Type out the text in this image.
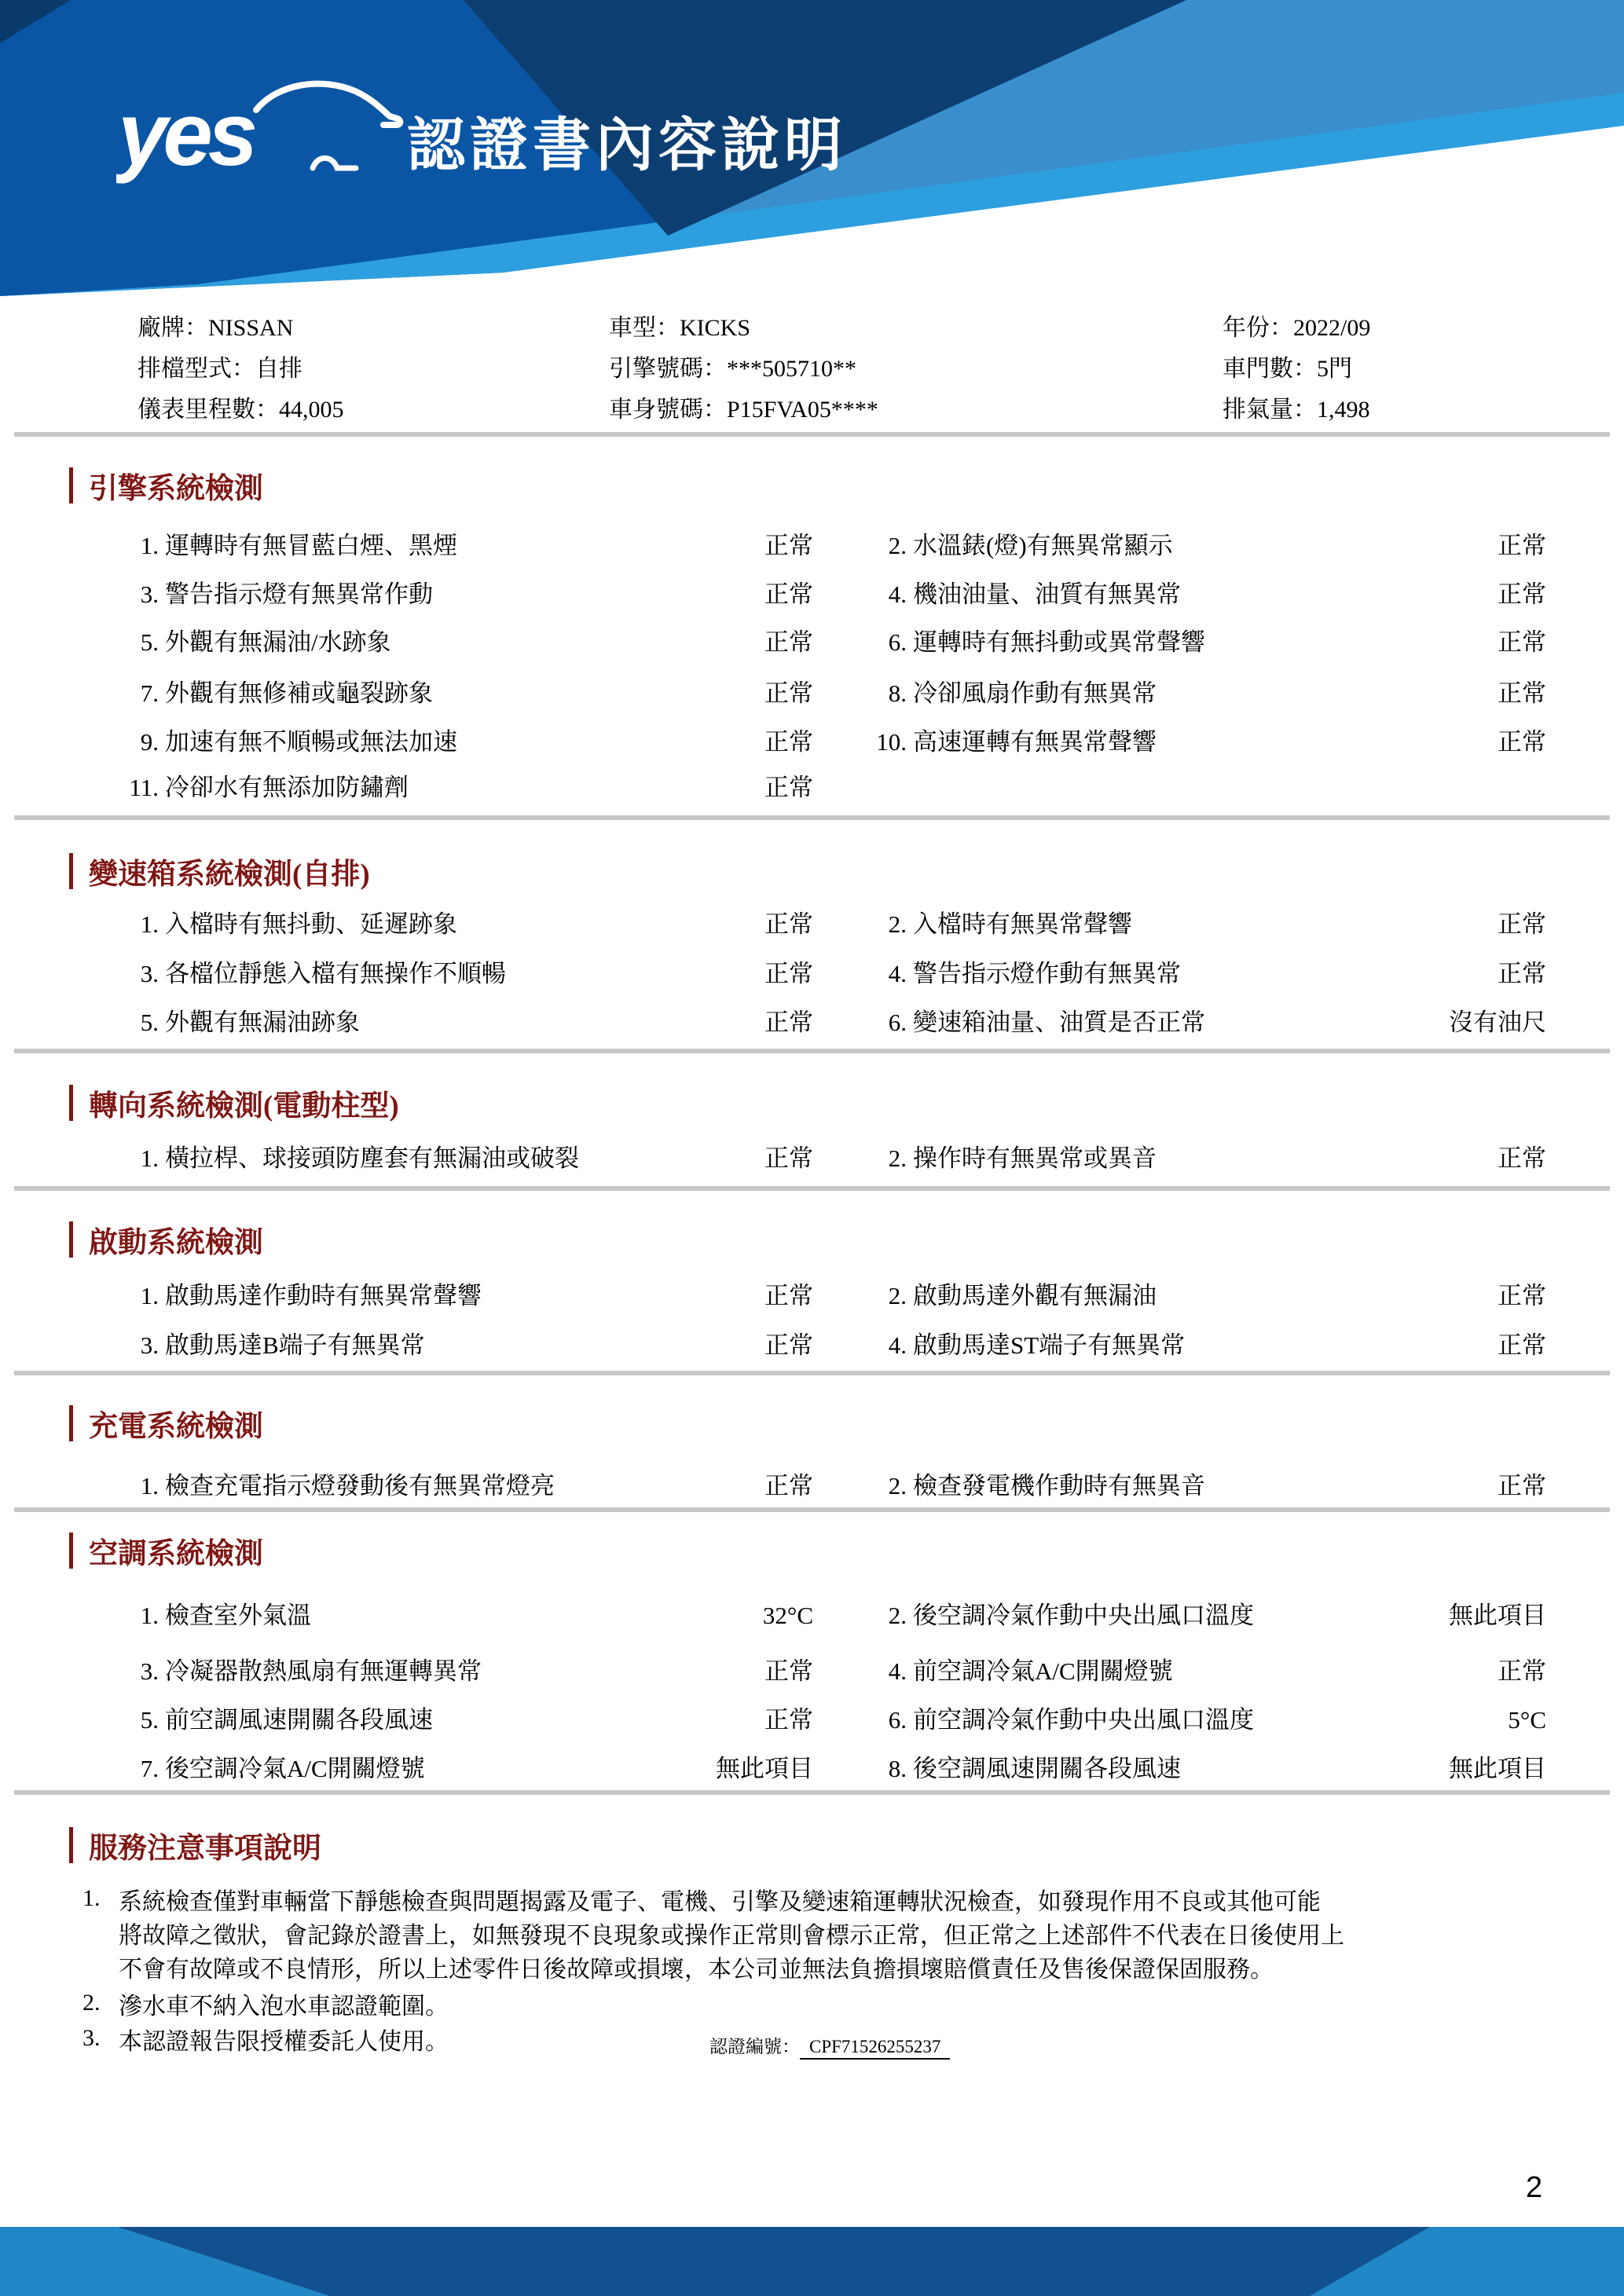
yes	認證書內容說明
廠牌：NISSAN
排檔型式：自排
儀表里程數：44,005
車型：KICKS
引擎號碼：***505710**
車身號碼：P15FVA05****
年份：2022/09
車門數：5門
排氣量：1,498
引擎系統檢測
1. 運轉時有無冒藍白煙、黑煙	正常	2. 水溫錶(燈)有無異常顯示	正常
3. 警告指示燈有無異常作動	正常	4. 機油油量、油質有無異常	正常
5. 外觀有無漏油/水跡象	正常	6. 運轉時有無抖動或異常聲響	正常
7. 外觀有無修補或龜裂跡象	正常	8. 冷卻風扇作動有無異常	正常
9. 加速有無不順暢或無法加速	正常	10. 高速運轉有無異常聲響	正常
11. 冷卻水有無添加防鏽劑	正常
變速箱系統檢測(自排)
1. 入檔時有無抖動、延遲跡象	正常	2. 入檔時有無異常聲響	正常
3. 各檔位靜態入檔有無操作不順暢	正常	4. 警告指示燈作動有無異常	正常
5. 外觀有無漏油跡象	正常	6. 變速箱油量、油質是否正常	沒有油尺
轉向系統檢測(電動柱型)
1. 橫拉桿、球接頭防塵套有無漏油或破裂	正常	2. 操作時有無異常或異音	正常
啟動系統檢測
1. 啟動馬達作動時有無異常聲響	正常	2. 啟動馬達外觀有無漏油	正常
3. 啟動馬達B端子有無異常	正常	4. 啟動馬達ST端子有無異常	正常
充電系統檢測
1. 檢查充電指示燈發動後有無異常燈亮	正常	2. 檢查發電機作動時有無異音	正常
空調系統檢測
1. 檢查室外氣溫	32°C	2. 後空調冷氣作動中央出風口溫度	無此項目
3. 冷凝器散熱風扇有無運轉異常	正常	4. 前空調冷氣A/C開關燈號	正常
5. 前空調風速開關各段風速	正常	6. 前空調冷氣作動中央出風口溫度	5°C
7. 後空調冷氣A/C開關燈號	無此項目	8. 後空調風速開關各段風速	無此項目
服務注意事項說明
1. 系統檢查僅對車輛當下靜態檢查與問題揭露及電子、電機、引擎及變速箱運轉狀況檢查，如發現作用不良或其他可能
將故障之徵狀，會記錄於證書上，如無發現不良現象或操作正常則會標示正常，但正常之上述部件不代表在日後使用上
不會有故障或不良情形，所以上述零件日後故障或損壞，本公司並無法負擔損壞賠償責任及售後保證保固服務。
2. 滲水車不納入泡水車認證範圍。
3. 本認證報告限授權委託人使用。	認證編號： CPF71526255237
2
